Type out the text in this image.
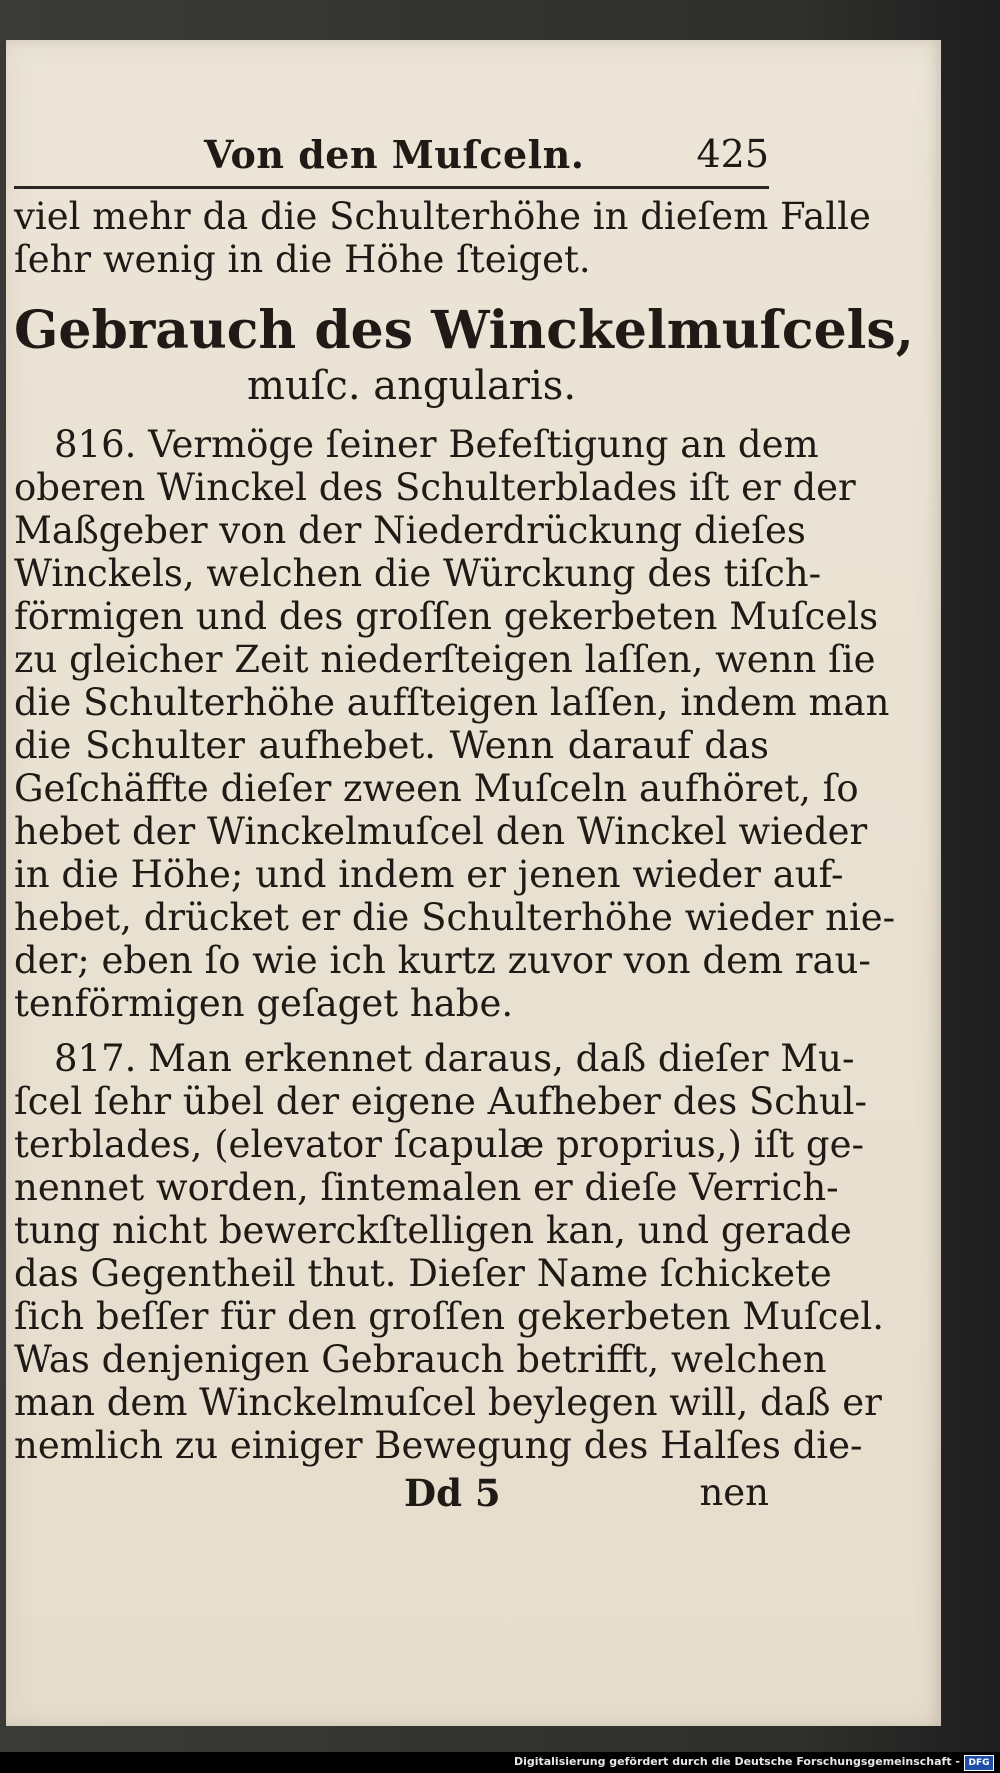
Von den Muſceln.	425
viel mehr da die Schulterhöhe in dieſem Falle
ſehr wenig in die Höhe ſteiget.
Gebrauch des Winckelmuſcels,
muſc. angularis.
816. Vermöge ſeiner Befeſtigung an dem
oberen Winckel des Schulterblades iſt er der
Maßgeber von der Niederdrückung dieſes
Winckels, welchen die Würckung des tiſch-
förmigen und des groſſen gekerbeten Muſcels
zu gleicher Zeit niederſteigen laſſen, wenn ſie
die Schulterhöhe aufſteigen laſſen, indem man
die Schulter aufhebet. Wenn darauf das
Geſchäffte dieſer zween Muſceln aufhöret, ſo
hebet der Winckelmuſcel den Winckel wieder
in die Höhe; und indem er jenen wieder auf-
hebet, drücket er die Schulterhöhe wieder nie-
der; eben ſo wie ich kurtz zuvor von dem rau-
tenförmigen geſaget habe.
817. Man erkennet daraus, daß dieſer Mu-
ſcel ſehr übel der eigene Aufheber des Schul-
terblades, (elevator ſcapulæ proprius,) iſt ge-
nennet worden, ſintemalen er dieſe Verrich-
tung nicht bewerckſtelligen kan, und gerade
das Gegentheil thut. Dieſer Name ſchickete
ſich beſſer für den groſſen gekerbeten Muſcel.
Was denjenigen Gebrauch betrifft, welchen
man dem Winckelmuſcel beylegen will, daß er
nemlich zu einiger Bewegung des Halſes die-
Dd 5	nen
Digitalisierung gefördert durch die Deutsche Forschungsgemeinschaft - DFG
